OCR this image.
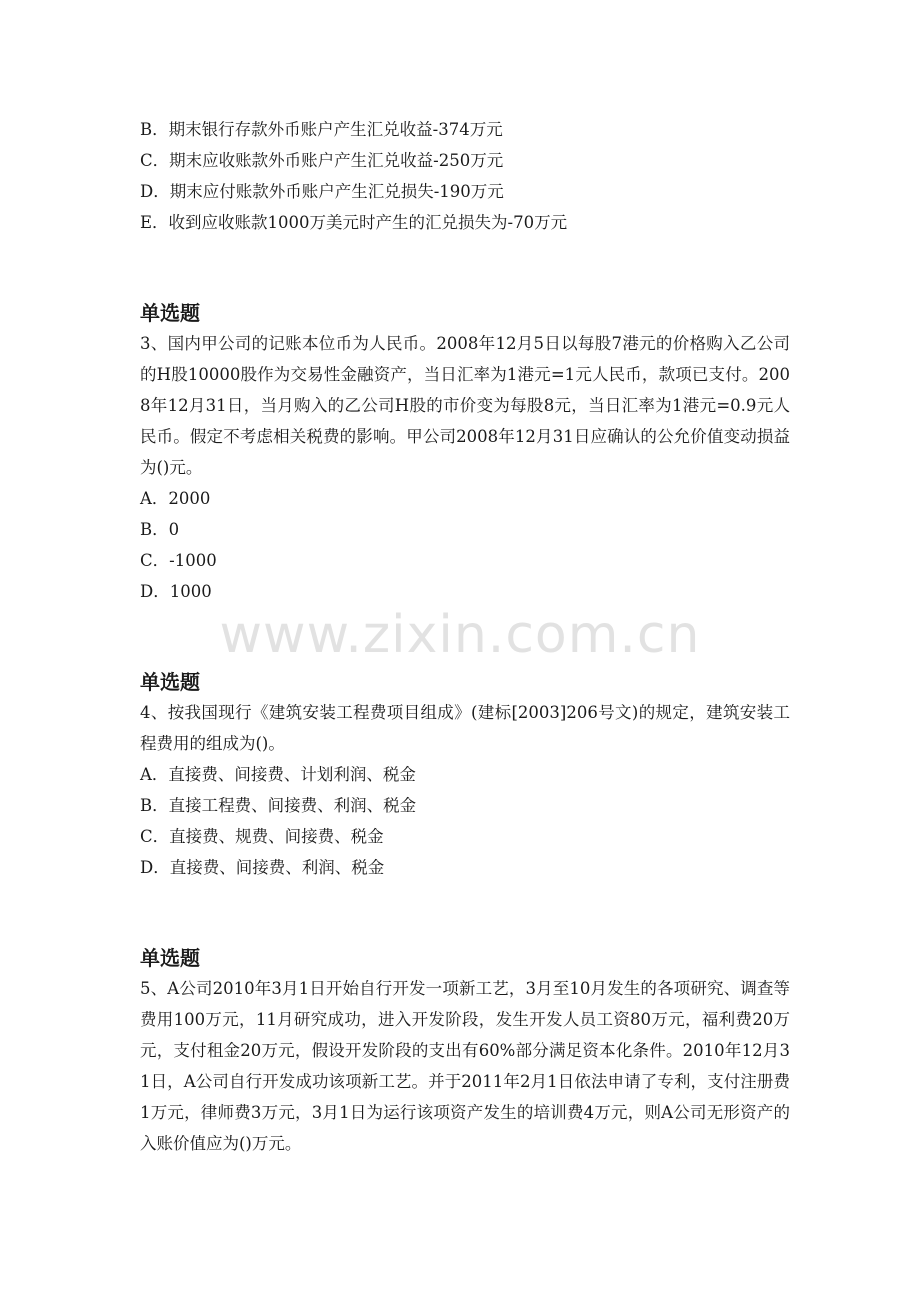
B．期末银行存款外币账户产生汇兑收益-374万元

C．期末应收账款外币账户产生汇兑收益-250万元

D．期末应付账款外币账户产生汇兑损失-190万元

E．收到应收账款1000万美元时产生的汇兑损失为-70万元

单选题

3、国内甲公司的记账本位币为人民币。2008年12月5日以每股7港元的价格购入乙公司的H股10000股作为交易性金融资产，当日汇率为1港元=1元人民币，款项已支付。2008年12月31日，当月购入的乙公司H股的市价变为每股8元，当日汇率为1港元=0.9元人民币。假定不考虑相关税费的影响。甲公司2008年12月31日应确认的公允价值变动损益为()元。

A．2000

B．0

C．-1000

D．1000

单选题

4、按我国现行《建筑安装工程费项目组成》(建标[2003]206号文)的规定，建筑安装工程费用的组成为()。

A．直接费、间接费、计划利润、税金

B．直接工程费、间接费、利润、税金

C．直接费、规费、间接费、税金

D．直接费、间接费、利润、税金

单选题

5、A公司2010年3月1日开始自行开发一项新工艺，3月至10月发生的各项研究、调查等费用100万元，11月研究成功，进入开发阶段，发生开发人员工资80万元，福利费20万元，支付租金20万元，假设开发阶段的支出有60%部分满足资本化条件。2010年12月31日，A公司自行开发成功该项新工艺。并于2011年2月1日依法申请了专利，支付注册费1万元，律师费3万元，3月1日为运行该项资产发生的培训费4万元，则A公司无形资产的入账价值应为()万元。

www.zixin.com.cn
